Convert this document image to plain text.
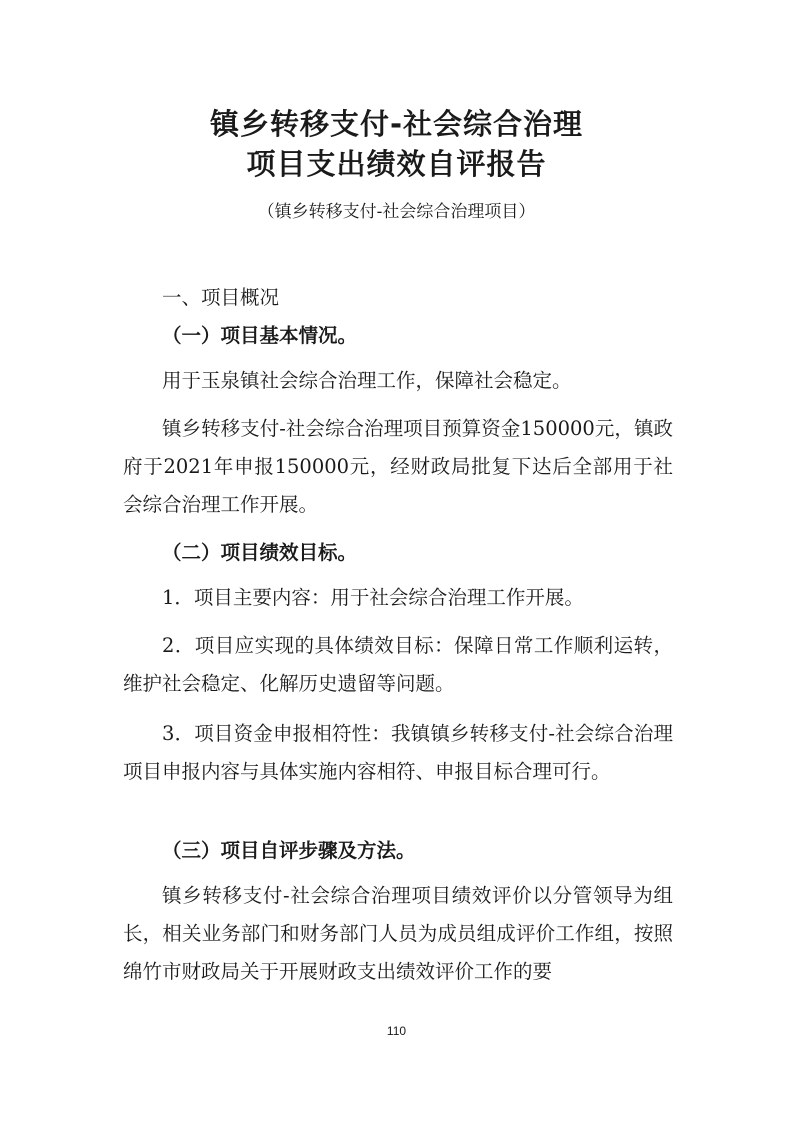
镇乡转移支付-社会综合治理
项目支出绩效自评报告

（镇乡转移支付-社会综合治理项目）

一、项目概况

（一）项目基本情况。

用于玉泉镇社会综合治理工作，保障社会稳定。

镇乡转移支付-社会综合治理项目预算资金150000元，镇政府于2021年申报150000元，经财政局批复下达后全部用于社会综合治理工作开展。

（二）项目绩效目标。

1．项目主要内容：用于社会综合治理工作开展。

2．项目应实现的具体绩效目标：保障日常工作顺利运转，维护社会稳定、化解历史遗留等问题。

3．项目资金申报相符性：我镇镇乡转移支付-社会综合治理项目申报内容与具体实施内容相符、申报目标合理可行。

（三）项目自评步骤及方法。

镇乡转移支付-社会综合治理项目绩效评价以分管领导为组长，相关业务部门和财务部门人员为成员组成评价工作组，按照绵竹市财政局关于开展财政支出绩效评价工作的要

110
